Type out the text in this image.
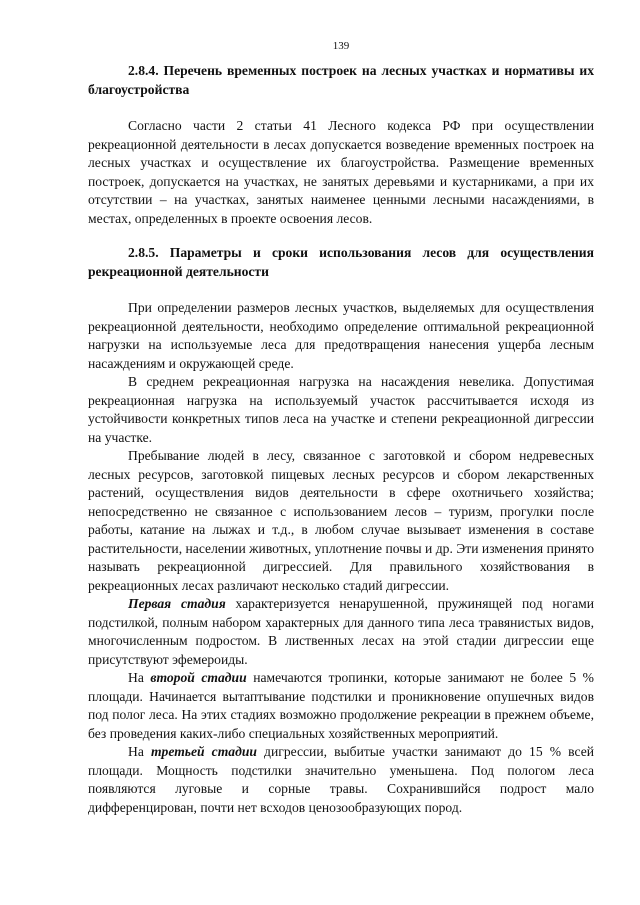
139

2.8.4. Перечень временных построек на лесных участках и нормативы их благоустройства

Согласно части 2 статьи 41 Лесного кодекса РФ при осуществлении рекреационной деятельности в лесах допускается возведение временных построек на лесных участках и осуществление их благоустройства. Размещение временных построек, допускается на участках, не занятых деревьями и кустарниками, а при их отсутствии – на участках, занятых наименее ценными лесными насаждениями, в местах, определенных в проекте освоения лесов.

2.8.5. Параметры и сроки использования лесов для осуществления рекреационной деятельности

При определении размеров лесных участков, выделяемых для осуществления рекреационной деятельности, необходимо определение оптимальной рекреационной нагрузки на используемые леса для предотвращения нанесения ущерба лесным насаждениям и окружающей среде.

В среднем рекреационная нагрузка на насаждения невелика. Допустимая рекреационная нагрузка на используемый участок рассчитывается исходя из устойчивости конкретных типов леса на участке и степени рекреационной дигрессии на участке.

Пребывание людей в лесу, связанное с заготовкой и сбором недревесных лесных ресурсов, заготовкой пищевых лесных ресурсов и сбором лекарственных растений, осуществления видов деятельности в сфере охотничьего хозяйства; непосредственно не связанное с использованием лесов – туризм, прогулки после работы, катание на лыжах и т.д., в любом случае вызывает изменения в составе растительности, населении животных, уплотнение почвы и др. Эти изменения принято называть рекреационной дигрессией. Для правильного хозяйствования в рекреационных лесах различают несколько стадий дигрессии.

Первая стадия характеризуется ненарушенной, пружинящей под ногами подстилкой, полным набором характерных для данного типа леса травянистых видов, многочисленным подростом. В лиственных лесах на этой стадии дигрессии еще присутствуют эфемероиды.

На второй стадии намечаются тропинки, которые занимают не более 5 % площади. Начинается вытаптывание подстилки и проникновение опушечных видов под полог леса. На этих стадиях возможно продолжение рекреации в прежнем объеме, без проведения каких-либо специальных хозяйственных мероприятий.

На третьей стадии дигрессии, выбитые участки занимают до 15 % всей площади. Мощность подстилки значительно уменьшена. Под пологом леса появляются луговые и сорные травы. Сохранившийся подрост мало дифференцирован, почти нет всходов ценозообразующих пород.
